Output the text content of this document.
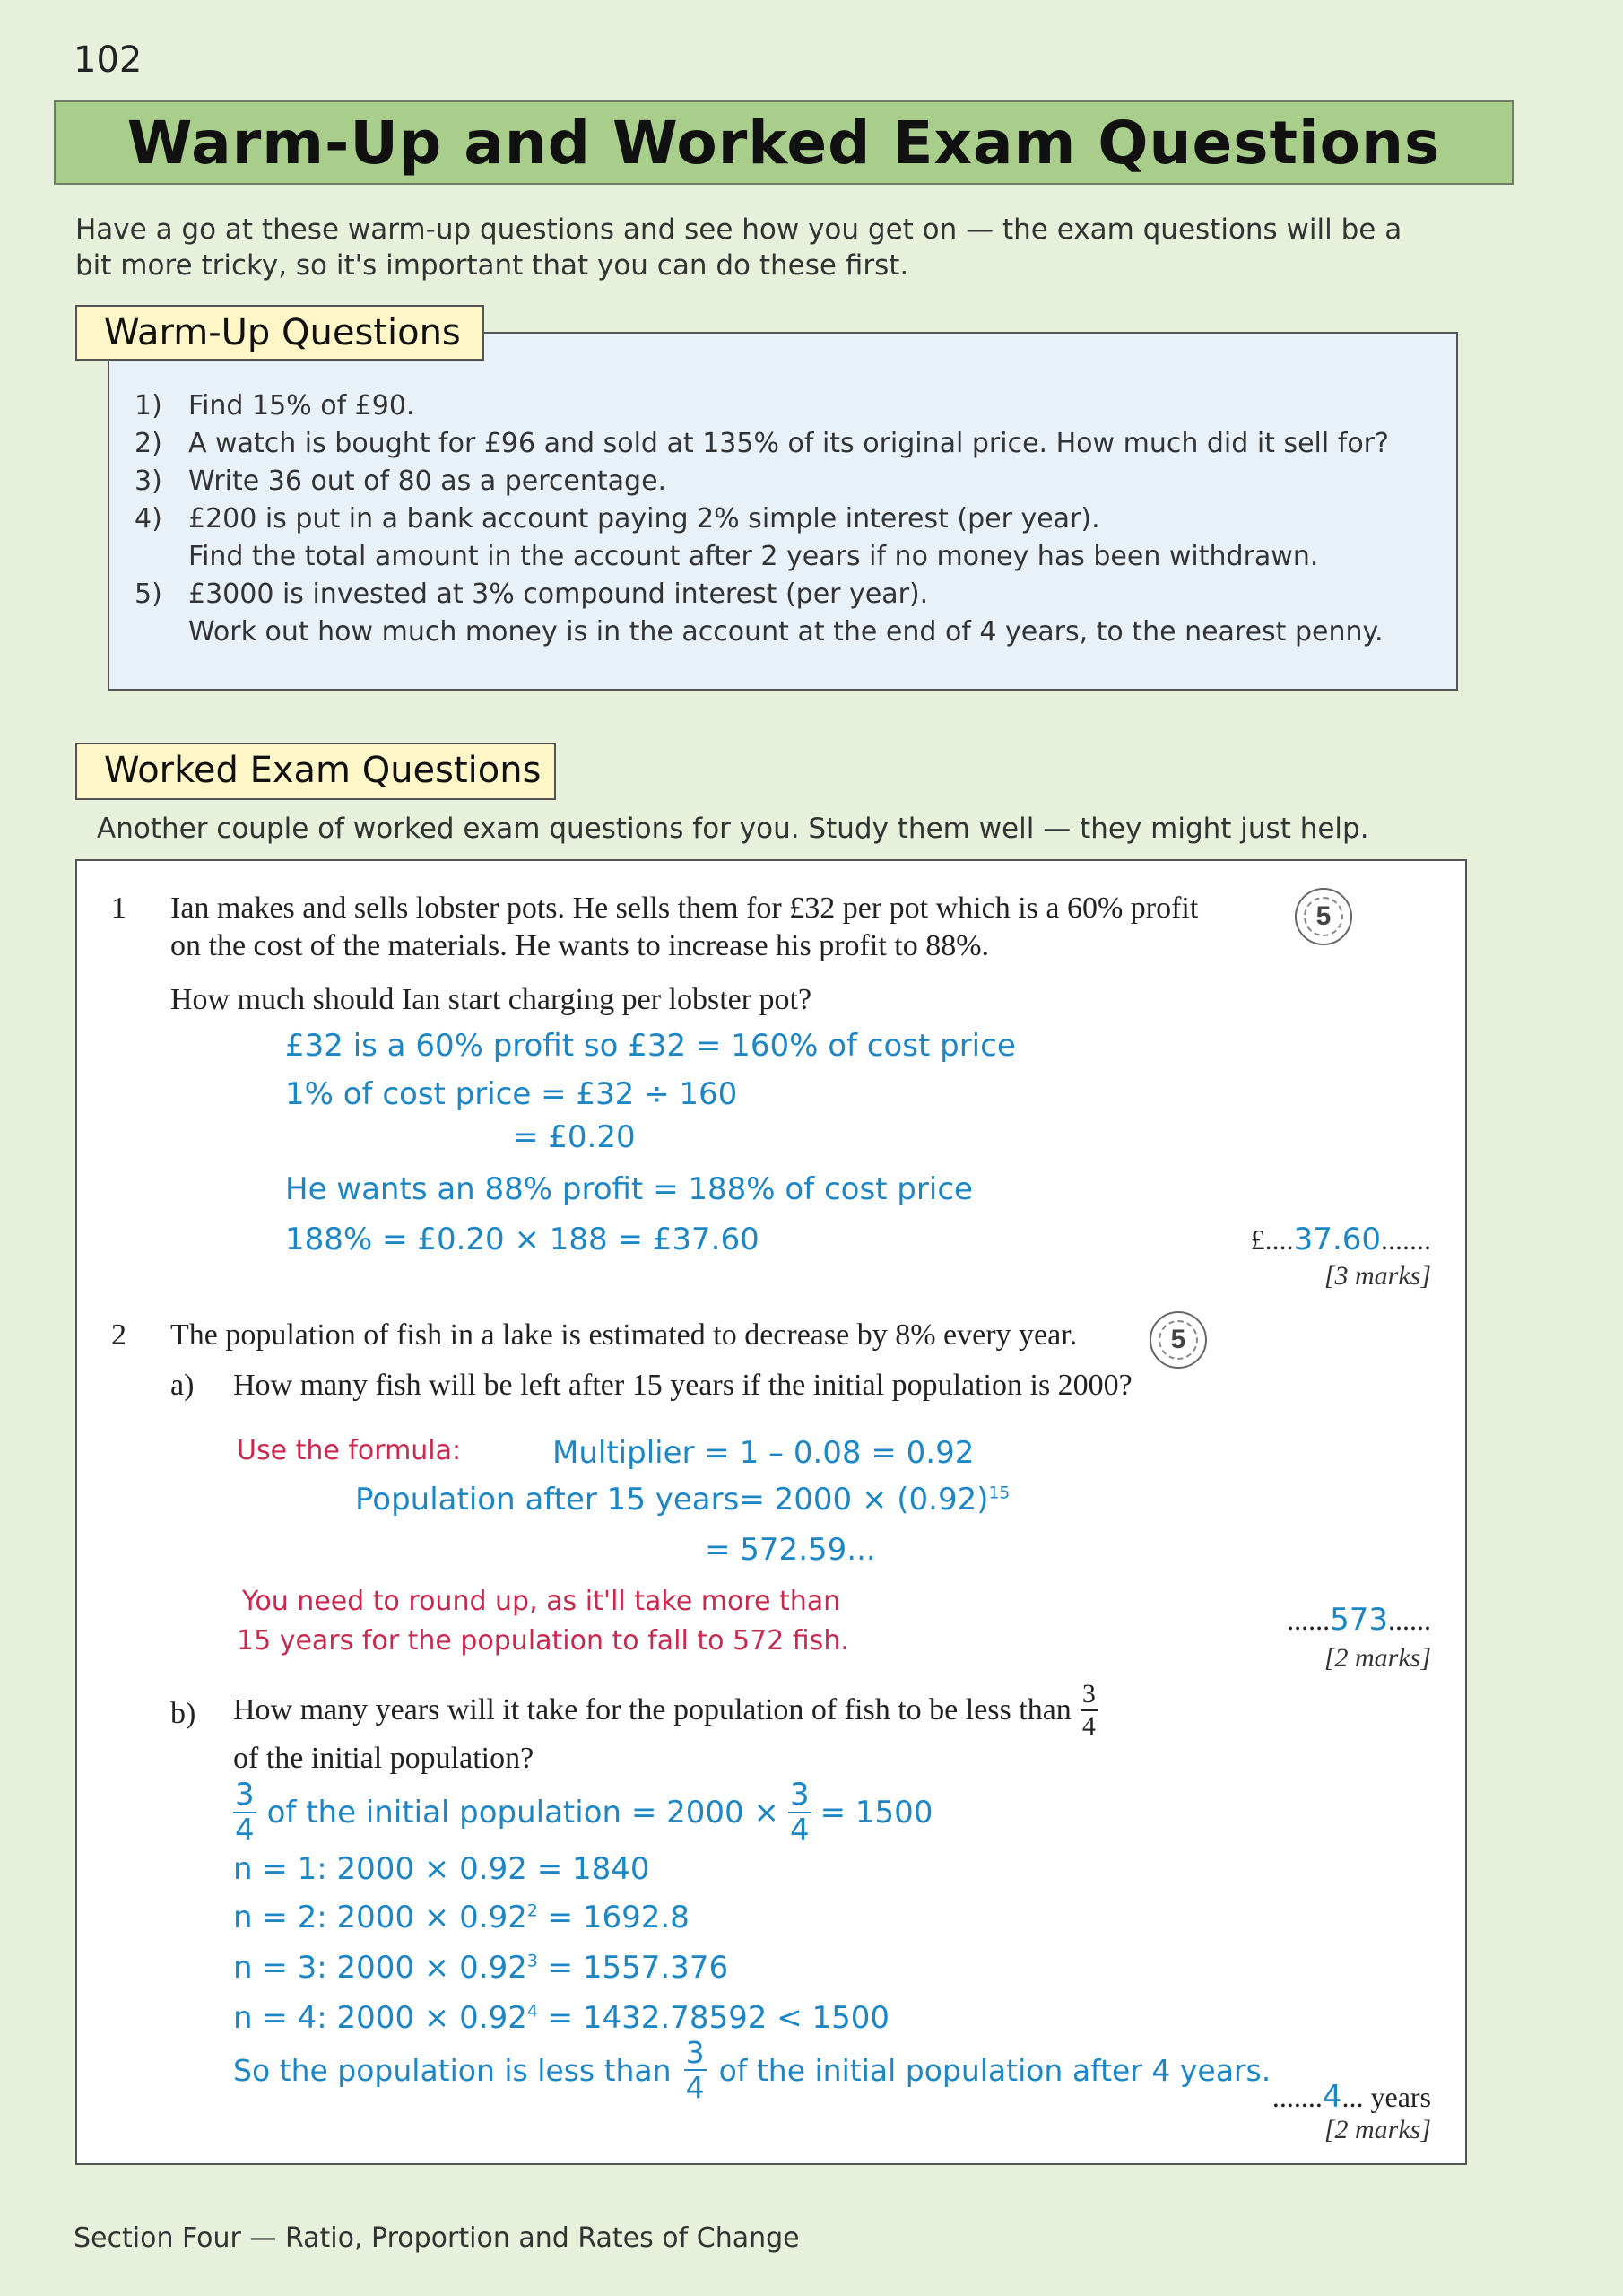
102
Warm-Up and Worked Exam Questions
Have a go at these warm-up questions and see how you get on — the exam questions will be a bit more tricky, so it's important that you can do these first.
Warm-Up Questions
1) Find 15% of £90.
2) A watch is bought for £96 and sold at 135% of its original price. How much did it sell for?
3) Write 36 out of 80 as a percentage.
4) £200 is put in a bank account paying 2% simple interest (per year).
Find the total amount in the account after 2 years if no money has been withdrawn.
5) £3000 is invested at 3% compound interest (per year).
Work out how much money is in the account at the end of 4 years, to the nearest penny.
Worked Exam Questions
Another couple of worked exam questions for you. Study them well — they might just help.
1 Ian makes and sells lobster pots. He sells them for £32 per pot which is a 60% profit
on the cost of the materials. He wants to increase his profit to 88%.
5
How much should Ian start charging per lobster pot?
£32 is a 60% profit so £32 = 160% of cost price
1% of cost price = £32 ÷ 160
= £0.20
He wants an 88% profit = 188% of cost price
188% = £0.20 × 188 = £37.60	£....37.60.......
[3 marks]
2 The population of fish in a lake is estimated to decrease by 8% every year.	5
a) How many fish will be left after 15 years if the initial population is 2000?
Use the formula:	Multiplier = 1 – 0.08 = 0.92
Population after 15 years= $2000 \times (0.92)^{15}$
= 572.59...
You need to round up, as it'll take more than
15 years for the population to fall to 572 fish.
......573......
[2 marks]
b) How many years will it take for the population of fish to be less than $\frac{3}{4}$
of the initial population?
$\frac{3}{4}$ of the initial population = $2000 \times \frac{3}{4} = 1500$
n = 1: 2000 × 0.92 = 1840
n = 2: $2000 \times 0.92^2 = 1692.8$
n = 3: $2000 \times 0.92^3 = 1557.376$
n = 4: $2000 \times 0.92^4 = 1432.78592 < 1500$
So the population is less than $\frac{3}{4}$ of the initial population after 4 years.
.......4... years
[2 marks]
Section Four — Ratio, Proportion and Rates of Change
